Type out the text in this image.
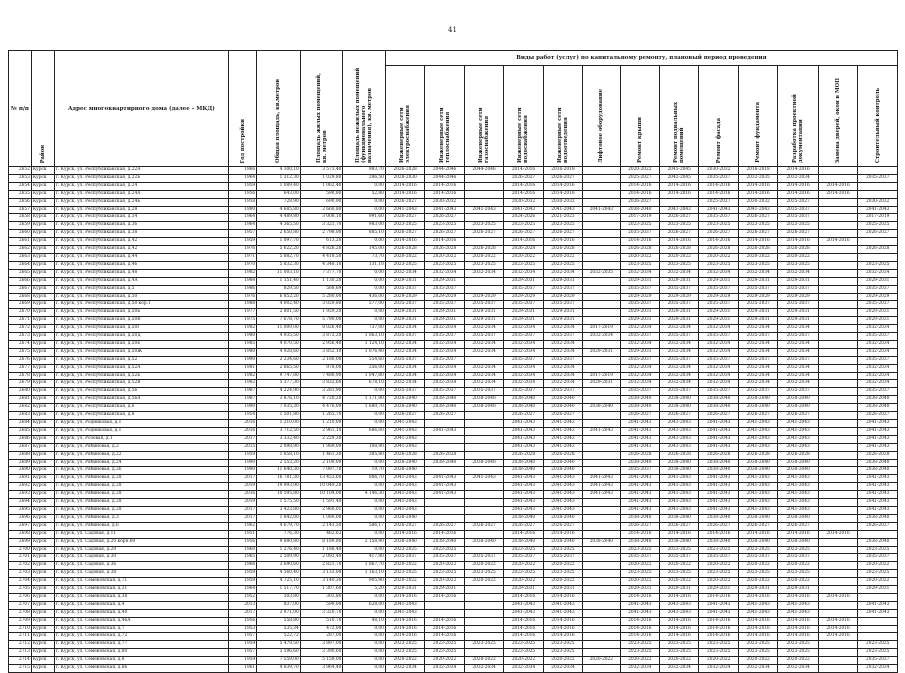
41
№ п/п	Район	Адрес многоквартирного дома (далее – МКД)	Год постройки	Общая площадь, кв.метров	Площадь жилых помещений, кв. метров	Площадь нежилых помещений (функционального назначения), кв. метров	Виды работ (услуг) по капитальному ремонту, плановый период проведения												

							Инженерные сети электроснабжения	Инженерные сети теплоснабжения	Инженерные сети газоснабжения	Инженерные сети водоснабжения	Инженерные сети водоотведения	Лифтовое оборудование	Ремонт крыши	Ремонт подвальных помещений	Ремонт фасада	Ремонт фундамента	Разработка проектной документации	Замена дверей, окон в МОП	Строительный контроль

2652	Курск	г. Курск, ул. Республиканская, д.22А	1966	4 300,10	3 573,40	983,70	2026-2028	2044-2046	2044-2046	2014-2016	2016-2018		2020-2022	2045-2045	2030-2032	2016-2018	2014-2016		
2653	Курск	г. Курск, ул. Республиканская, д.22Б	1964	1 312,30	1 029,80	286,50	2028-2030	2044-2046		2026-2027	2026-2027		2025-2027	2042-2045	2035-2037	2032-2035	2032-2034		2035-2037
2654	Курск	г. Курск, ул. Республиканская, д.24	1959	1 089,40	1 062,40	0,00	2014-2016	2014-2016		2014-2016	2014-2016		2014-2016	2014-2016	2014-2016	2014-2016	2014-2016	2014-2016	
2655	Курск	г. Курск, ул. Республиканская, д.24А	1956	643,00	590,80	52,80	2014-2016	2014-2016		2014-2016	2014-2016		2014-2016	2014-2016	2014-2016	2014-2016	2014-2016	2014-2016	
2656	Курск	г. Курск, ул. Республиканская, д.24Б	1958	728,90	690,90	0,00	2026-2027	2030-2032		2030-2032	2030-2032		2026-2027		2025-2027	2030-2032	2025-2027		2030-2032
2657	Курск	г. Курск, ул. Республиканская, д.28	1990	4 685,80	2 660,80	0,00	2041-2043	2041-2043	2041-2043	2041-2043	2041-2043	2041-2043	2038-2040	2041-2043	2041-2043	2041-2043	2035-2037		2041-2043
2658	Курск	г. Курск, ул. Республиканская, д.34	1964	4 489,80	3 008,10	991,60	2026-2027	2026-2027		2024-2026	2021-2023		2017-2019	2026-2027	2035-2037	2026-2027	2035-2037		2017-2019
2659	Курск	г. Курск, ул. Республиканская, д.36	1964	4 365,50	3 321,70	983,00	2023-2025	2023-2025	2023-2025	2023-2025	2023-2025		2023-2025	2023-2025	2023-2025	2023-2025	2023-2025		2025-2025
2660	Курск	г. Курск, ул. Республиканская, д.38	1957	2 650,80	2 798,00	885,10	2026-2027	2026-2027	2026-2027	2026-2027	2026-2027		2035-2037	2026-2027	2026-2027	2026-2027	2026-2027		2026-2027
2661	Курск	г. Курск, ул. Республиканская, д.42	1959	1 097,70	613,20	0,00	2014-2016	2014-2016		2014-2016	2014-2016		2014-2016	2014-2016	2014-2016	2014-2016	2014-2016	2014-2016	
2662	Курск	г. Курск, ул. Республиканская, д.42	1976	5 622,20	4 826,20	145,00	2026-2028	2026-2028	2026-2028	2026-2028	2026-2028		2026-2028	2026-2028	2026-2028	2026-2028	2026-2028		2026-2028
2663	Курск	г. Курск, ул. Республиканская, д.44	1971	5 882,70	4 418,50	73,70	2020-2022	2020-2022	2020-2022	2020-2022	2020-2022		2020-2022	2020-2022	2020-2022	2020-2022	2020-2022		
2664	Курск	г. Курск, ул. Республиканская, д.46	1970	5 832,30	4 348,10	131,10	2023-2025	2023-2025	2023-2025	2023-2025	2023-2025		2023-2025	2023-2025	2023-2025	2023-2025	2023-2025		2023-2025
2665	Курск	г. Курск, ул. Республиканская, д.48	1982	11 003,10	7 377,70	0,00	2032-2034	2032-2034	2032-2034	2032-2034	2032-2034	2032-2035	2032-2034	2032-2034	2032-2034	2032-2034	2032-2034		2032-2034
2666	Курск	г. Курск, ул. Республиканская, д.4А	1984	1 151,40	1 130,20	0,00	2029-2031	2029-2031		2029-2031	2029-2031		2029-2031	2029-2031	2029-2031	2029-2031	2029-2031		2029-2031
2667	Курск	г. Курск, ул. Республиканская, д.5	1986	829,50	568,69	0,00	2035-2037	2035-2037		2035-2037	2035-2037		2035-2037	2035-2037	2035-2037	2035-2037	2035-2037		2035-2037
2668	Курск	г. Курск, ул. Республиканская, д.50	1976	6 852,20	5 280,00	436,00	2029-2029	2029-2029	2029-2029	2029-2029	2029-2029		2029-2029	2029-2029	2029-2029	2029-2029	2029-2029		2029-2029
2669	Курск	г. Курск, ул. Республиканская, д.50 кор.1	1988	4 002,40	3 029,80	577,00	2035-2037	2035-2037	2035-2037	2035-2037	2035-2037		2035-2037	2035-2037	2035-2037	2035-2037	2035-2037		2035-2037
2670	Курск	г. Курск, ул. Республиканская, д.50Б	1977	2 801,50	1 929,20	0,00	2029-2031	2029-2031	2029-2031	2029-2031	2029-2031		2029-2031	2029-2031	2029-2031	2029-2031	2029-2031		2029-2031
2671	Курск	г. Курск, ул. Республиканская, д.50В	1975	7 678,70	5 790,00	0,00	2029-2031	2029-2031	2029-2031	2029-2031	2029-2031		2029-2031	2029-2031	2029-2031	2029-2031	2029-2031		2029-2031
2672	Курск	г. Курск, ул. Республиканская, д.50Г	1982	11 009,00	8 026,40	737,00	2032-2034	2032-2034	2032-2034	2032-2034	2032-2034	2017-2019	2032-2034	2032-2034	2032-2034	2032-2034	2032-2034		2032-2034
2673	Курск	г. Курск, ул. Республиканская, д.50Д	1980	4 935,50	3 872,20	1 063,10	2035-2037	2035-2037	2035-2037	2035-2037	2035-2037	2032-2034	2035-2037	2035-2037	2035-2037	2035-2037	2035-2037		2035-2037
2674	Курск	г. Курск, ул. Республиканская, д.50Е	1985	4 070,50	2 956,40	1 124,10	2032-2034	2032-2034	2032-2034	2032-2034	2032-2034		2032-2034	2032-2034	2032-2034	2032-2034	2032-2034		2032-2034
2675	Курск	г. Курск, ул. Республиканская, д.50Ж	1980	4 928,60	3 852,10	1 076,40	2032-2034	2032-2034	2032-2034	2032-2034	2032-2034	2029-2031	2029-2031	2032-2034	2032-2034	2032-2034	2032-2034		2032-2034
2676	Курск	г. Курск, ул. Республиканская, д.52	1990	2 234,60	2 180,00	554,60	2035-2037	2035-2037		2035-2037	2035-2037		2035-2037	2035-2037	2035-2037	2035-2037	2035-2037		2035-2037
2677	Курск	г. Курск, ул. Республиканская, д.52А	1981	2 865,50	978,00	256,00	2032-2034	2032-2034	2032-2034	2032-2034	2032-2034		2032-2034	2032-2034	2032-2034	2032-2034	2032-2034		2032-2034
2678	Курск	г. Курск, ул. Республиканская, д.52Б	1982	9 747,80	7 480,90	1 047,80	2032-2034	2032-2034	2032-2034	2032-2034	2032-2034	2017-2019	2032-2034	2032-2034	2032-2034	2032-2034	2032-2034		2032-2034
2679	Курск	г. Курск, ул. Республиканская, д.52В	1982	5 377,30	3 832,60	678,10	2032-2034	2032-2034	2032-2034	2032-2034	2032-2034	2029-2031	2032-2034	2032-2034	2032-2034	2032-2034	2032-2034		2032-2034
2680	Курск	г. Курск, ул. Республиканская, д.56	1987	4 224,90	3 281,90	0,00	2035-2037	2035-2037	2035-2037	2035-2037	2035-2037		2035-2037	2035-2037	2035-2037	2035-2037	2035-2037		2035-2037
2681	Курск	г. Курск, ул. Республиканская, д.56А	1987	3 876,10	4 720,20	1 171,90	2038-2040	2038-2040	2038-2040	2038-2040	2038-2040		2038-2040	2038-2040	2038-2040	2038-2040	2038-2040		2038-2040
2682	Курск	г. Курск, ул. Республиканская, д.6	1990	7 035,30	4 476,00	1 680,70	2038-2040	2038-2040	2038-2040	2038-2040	2038-2040	2038-2040	2038-2040	2038-2040	2038-2040	2038-2040	2038-2040		2038-2040
2683	Курск	г. Курск, ул. Республиканская, д.8	1954	1 501,80	1 265,70	0,00	2026-2027	2026-2027		2026-2027	2026-2027		2026-2027	2026-2027	2026-2027	2026-2027	2026-2027		2026-2027
2684	Курск	г. Курск, ул. Родниковая, д.1	2016	1 210,00	1 210,00	0,00	2041-2043			2041-2043	2041-2043		2041-2043	2041-2043	2041-2043	2041-2043	2041-2043		2041-2043
2685	Курск	г. Курск, ул. Родниковая, д.1	2016	3 712,50	2 961,10	686,00	2041-2043	2041-2043		2041-2043	2041-2043	2041-2043	2041-2043	2041-2043	2041-2043	2041-2043	2041-2043		2041-2043
2686	Курск	г. Курск, ул. Розовая, д.1	2017	3 332,40	2 229,30		2041-2043			2041-2043	2041-2043		2041-2043	2041-2043	2041-2043	2041-2043	2041-2043		2041-2043
2687	Курск	г. Курск, ул. Рябиновая, д.2	2015	2 098,90	1 989,00	108,90	2041-2043			2041-2043	2041-2043		2041-2043	2041-2043	2041-2043	2041-2043	2041-2043		2041-2043
2688	Курск	г. Курск, ул. Рябиновая, д.22	1959	1 858,10	1 461,30	385,80	2026-2028	2026-2028		2026-2028	2026-2028		2026-2028	2026-2028	2026-2028	2026-2028	2026-2028		2026-2028
2689	Курск	г. Курск, ул. Рябиновая, д.24	1990	2 553,20	2 109,00	0,00	2038-2040	2038-2040	2038-2040	2038-2040	2038-2040		2038-2040	2038-2040	2038-2040	2038-2040	2038-2040		2038-2040
2690	Курск	г. Курск, ул. Рябиновая, д.26	1990	11 640,30	7 097,70	19,70	2038-2040			2038-2040	2038-2040		2035-2037	2038-2040	2038-2040	2038-2040	2038-2040		2038-2040
2691	Курск	г. Курск, ул. Рябиновая, д.28	2017	16 781,30	13 453,60	886,70	2041-2043	2041-2043	2041-2043	2041-2043	2041-2043	2041-2043	2041-2043	2041-2043	2041-2043	2041-2043	2041-2043		2041-2043
2692	Курск	г. Курск, ул. Рябиновая, д.28	2019	19 993,90	10 049,20	0,00	2041-2043	2041-2043		2041-2043	2041-2043	2041-2043	2041-2043	2041-2043	2041-2043	2041-2043	2041-2043		2041-2043
2693	Курск	г. Курск, ул. Рябиновая, д.28	2016	10 595,80	10 104,00	4 146,30	2041-2043	2041-2043		2041-2043	2041-2043	2041-2043	2041-2043	2041-2043	2041-2043	2041-2043	2041-2043		2041-2043
2694	Курск	г. Курск, ул. Рябиновая, д.28	2019	1 575,50	1 591,40	0,00	2041-2043			2041-2043	2041-2043		2041-2043	2041-2043	2041-2043	2041-2043	2041-2043		2041-2043
2695	Курск	г. Курск, ул. Рябиновая, д.28	2017	3 423,80	2 960,01	0,00	2041-2043			2041-2043	2041-2043		2041-2043	2041-2043	2041-2043	2041-2043	2041-2043		2041-2043
2696	Курск	г. Курск, ул. Рябиновая, д.3	2017	1 842,00	1 080,00	0,00	2038-2040			2038-2040	2038-2040		2038-2040	2038-2040	2038-2040	2038-2040	2038-2040		2038-2040
2697	Курск	г. Курск, ул. Рябиновая, д.6	1962	4 679,70	2 143,50	586,17	2026-2027	2026-2027	2026-2027	2026-2027	2026-2027		2026-2027	2026-2027	2026-2027	2026-2027	2026-2027		2026-2027
2698	Курск	г. Курск, ул. Садовая, д.11	1951	776,30	462,63	0,00	2014-2016	2014-2016		2014-2016	2014-2016		2014-2016	2014-2016	2014-2016	2014-2016	2014-2016	2014-2016	
2699	Курск	г. Курск, ул. Садовая, д.20 корп.69	1956	9 880,80	8 189,80	2 158,90	2038-2040	2038-2040	2038-2040	2038-2040	2038-2040	2038-2040	2038-2040	2038-2040	2038-2040	2038-2040	2038-2040		2038-2040
2700	Курск	г. Курск, ул. Садовая, д.29	1960	1 276,40	1 188,40	0,00	2023-2025	2023-2025		2023-2025	2023-2025		2023-2025	2023-2025	2023-2025	2023-2025	2023-2025		2023-2025
2701	Курск	г. Курск, ул. Садовая, д.30	1965	2 509,90	2 092,40	417,80	2035-2037	2035-2037	2035-2037	2035-2037	2035-2037		2035-2037	2035-2037	2035-2037	2035-2037	2035-2037		2035-2037
2702	Курск	г. Курск, ул. Садовая, д.36	1966	3 690,60	2 821,70	1 867,70	2020-2022	2020-2022	2020-2022	2020-2022	2020-2022		2020-2022	2020-2022	2020-2022	2020-2022	2020-2022		2020-2022
2703	Курск	г. Курск, ул. Садовая, д.38	1959	4 560,40	3 133,00	1 163,10	2023-2025	2023-2025	2023-2025	2023-2025	2023-2025		2023-2025	2023-2025	2023-2025	2023-2025	2023-2025		2023-2025
2704	Курск	г. Курск, ул. Семеновская, д.71	1959	4 725,10	3 140,30	905,90	2020-2022	2020-2022	2020-2022	2020-2022	2020-2022		2020-2022	2020-2022	2020-2022	2020-2022	2020-2022		2020-2022
2705	Курск	г. Курск, ул. Семеновская, д.31	1964	1 517,70	1 307,60	5,20	2029-2031	2029-2031		2029-2031	2029-2031		2029-2031	2029-2031	2029-2031	2029-2031	2029-2031		2029-2031
2706	Курск	г. Курск, ул. Семеновская, д.38	1952	303,80	303,80	0,00	2014-2016	2014-2016		2014-2016	2014-2016		2014-2016	2014-2016	2014-2016	2014-2016	2014-2016	2014-2016	
2707	Курск	г. Курск, ул. Семеновская, д.4	2013	837,00	599,00	628,00	2041-2043			2041-2043	2041-2043		2041-2043	2041-2043	2041-2043	2041-2043	2041-2043		2041-2043
2708	Курск	г. Курск, ул. Семеновская, д.40	2017	3 971,00	3 320,70	0,00	2041-2043			2041-2043	2041-2043		2041-2043	2041-2043	2041-2043	2041-2043	2041-2043		2041-2043
2709	Курск	г. Курск, ул. Семеновская, д.46А	1956	558,80	510,70	48,10	2014-2016	2014-2016		2014-2016	2014-2016		2014-2016	2014-2016	2014-2016	2014-2016	2014-2016	2014-2016	
2710	Курск	г. Курск, ул. Семеновская, д.7	1953	535,34	472,00	0,00	2014-2016	2014-2016		2014-2016	2014-2016		2014-2016	2014-2016	2014-2016	2014-2016	2014-2016	2014-2016	
2711	Курск	г. Курск, ул. Семеновская, д.72	1957	522,72	287,00	0,00	2014-2016	2014-2016		2014-2016	2014-2016		2014-2016	2014-2016	2014-2016	2014-2016	2014-2016	2014-2016	
2712	Курск	г. Курск, ул. Семеновская, д.77	1959	5 479,50	3 897,00	0,00	2023-2025	2023-2025	2023-2025	2023-2025	2023-2025		2023-2025	2023-2025	2023-2025	2023-2025	2023-2025		2023-2025
2713	Курск	г. Курск, ул. Семеновская, д.80	1957	3 596,60	3 390,60	0,00	2023-2025	2023-2025		2023-2025	2023-2025		2023-2025	2023-2025	2023-2025	2023-2025	2023-2025		2023-2025
2714	Курск	г. Курск, ул. Семеновская, д.8	1959	7 559,00	5 159,00	0,00	2020-2022	2020-2022	2020-2022	2020-2022	2020-2022	2020-2022	2020-2022	2020-2022	2020-2022	2020-2022	2020-2022		2035-2037
2715	Курск	г. Курск, ул. Семеновская, д.86	1961	4 839,70	3 964,40	0,00	2032-2034	2032-2034	2032-2034	2032-2034	2032-2034		2032-2034	2032-2034	2032-2034	2032-2034	2032-2034		2032-2034
